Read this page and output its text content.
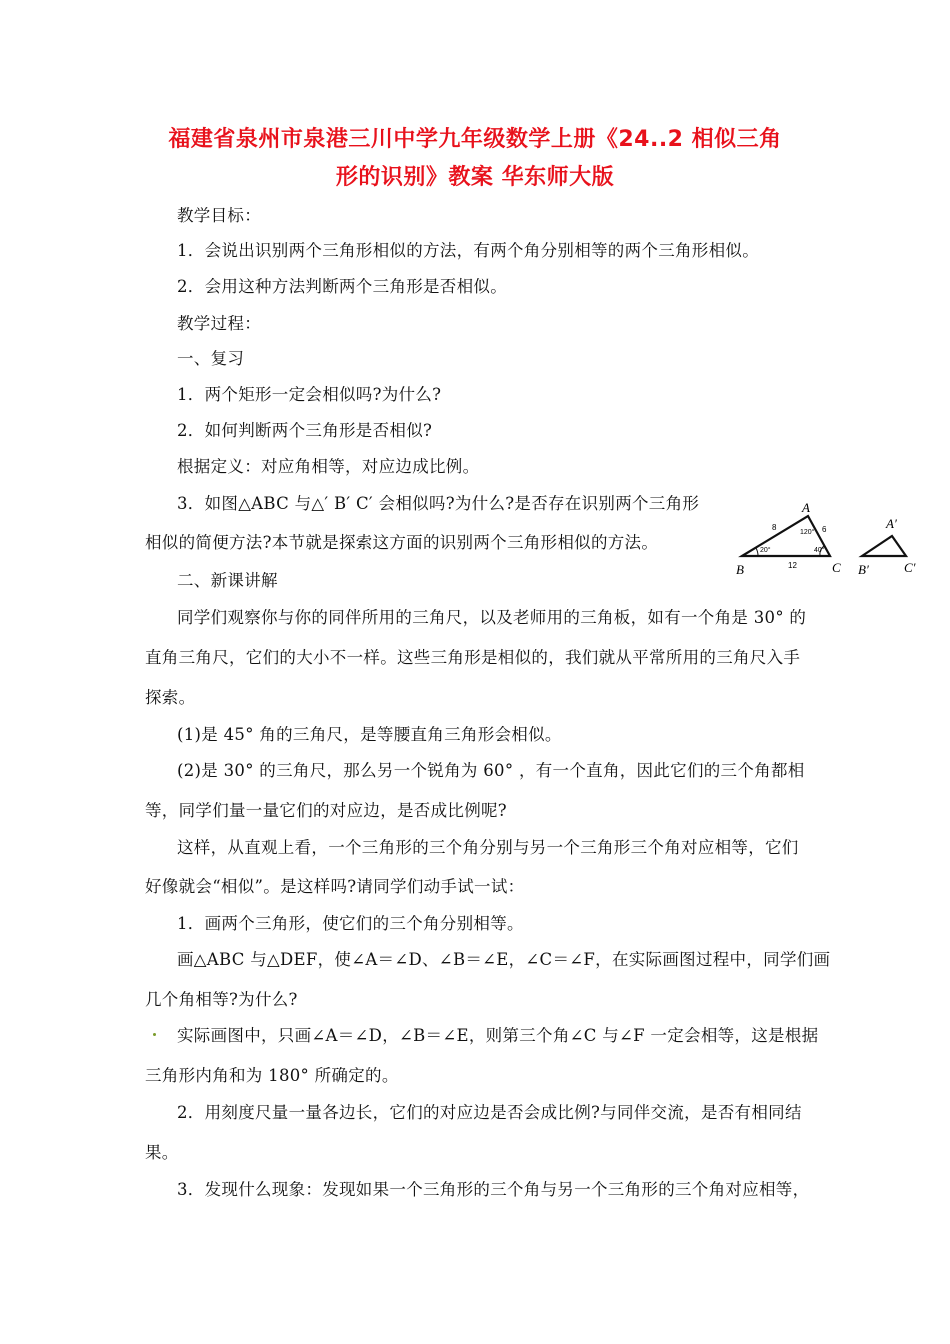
福建省泉州市泉港三川中学九年级数学上册《24..2 相似三角
形的识别》教案 华东师大版
教学目标：
1．会说出识别两个三角形相似的方法，有两个角分别相等的两个三角形相似。
2．会用这种方法判断两个三角形是否相似。
教学过程：
一、复习
1．两个矩形一定会相似吗?为什么?
2．如何判断两个三角形是否相似?
根据定义：对应角相等，对应边成比例。
3．如图△ABC 与△′ B′ C′ 会相似吗?为什么?是否存在识别两个三角形
相似的简便方法?本节就是探索这方面的识别两个三角形相似的方法。
A
B	C
8	6
12
120°
20°	40°
A′
B′	C′
二、新课讲解
同学们观察你与你的同伴所用的三角尺，以及老师用的三角板，如有一个角是 30° 的
直角三角尺，它们的大小不一样。这些三角形是相似的，我们就从平常所用的三角尺入手
探索。
(1)是 45° 角的三角尺，是等腰直角三角形会相似。
(2)是 30° 的三角尺，那么另一个锐角为 60° ，有一个直角，因此它们的三个角都相
等，同学们量一量它们的对应边，是否成比例呢?
这样，从直观上看，一个三角形的三个角分别与另一个三角形三个角对应相等，它们
好像就会“相似”。是这样吗?请同学们动手试一试：
1．画两个三角形，使它们的三个角分别相等。
画△ABC 与△DEF，使∠A＝∠D、∠B＝∠E，∠C＝∠F，在实际画图过程中，同学们画
几个角相等?为什么?
实际画图中，只画∠A＝∠D，∠B＝∠E，则第三个角∠C 与∠F 一定会相等，这是根据
三角形内角和为 180° 所确定的。
2．用刻度尺量一量各边长，它们的对应边是否会成比例?与同伴交流，是否有相同结
果。
3．发现什么现象：发现如果一个三角形的三个角与另一个三角形的三个角对应相等，
